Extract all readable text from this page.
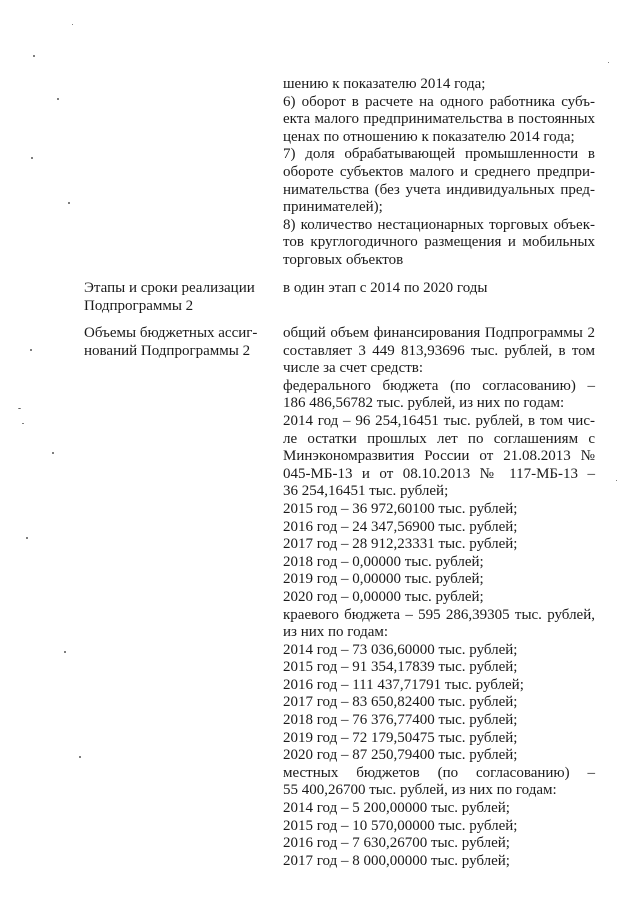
шению к показателю 2014 года;
6) оборот в расчете на одного работника субъ-
екта малого предпринимательства в постоянных
ценах по отношению к показателю 2014 года;
7) доля обрабатывающей промышленности в
обороте субъектов малого и среднего предпри-
нимательства (без учета индивидуальных пред-
принимателей);
8) количество нестационарных торговых объек-
тов круглогодичного размещения и мобильных
торговых объектов
Этапы и сроки реализации
Подпрограммы 2
в один этап с 2014 по 2020 годы
Объемы бюджетных ассиг-
нований Подпрограммы 2
общий объем финансирования Подпрограммы 2
составляет 3 449 813,93696 тыс. рублей, в том
числе за счет средств:
федерального бюджета (по согласованию) –
186 486,56782 тыс. рублей, из них по годам:
2014 год – 96 254,16451 тыс. рублей, в том чис-
ле остатки прошлых лет по соглашениям с
Минэкономразвития России от 21.08.2013 №
045-МБ-13 и от 08.10.2013 № 117-МБ-13 –
36 254,16451 тыс. рублей;
2015 год – 36 972,60100 тыс. рублей;
2016 год – 24 347,56900 тыс. рублей;
2017 год – 28 912,23331 тыс. рублей;
2018 год – 0,00000 тыс. рублей;
2019 год – 0,00000 тыс. рублей;
2020 год – 0,00000 тыс. рублей;
краевого бюджета – 595 286,39305 тыс. рублей,
из них по годам:
2014 год – 73 036,60000 тыс. рублей;
2015 год – 91 354,17839 тыс. рублей;
2016 год – 111 437,71791 тыс. рублей;
2017 год – 83 650,82400 тыс. рублей;
2018 год – 76 376,77400 тыс. рублей;
2019 год – 72 179,50475 тыс. рублей;
2020 год – 87 250,79400 тыс. рублей;
местных бюджетов (по согласованию) –
55 400,26700 тыс. рублей, из них по годам:
2014 год – 5 200,00000 тыс. рублей;
2015 год – 10 570,00000 тыс. рублей;
2016 год – 7 630,26700 тыс. рублей;
2017 год – 8 000,00000 тыс. рублей;
